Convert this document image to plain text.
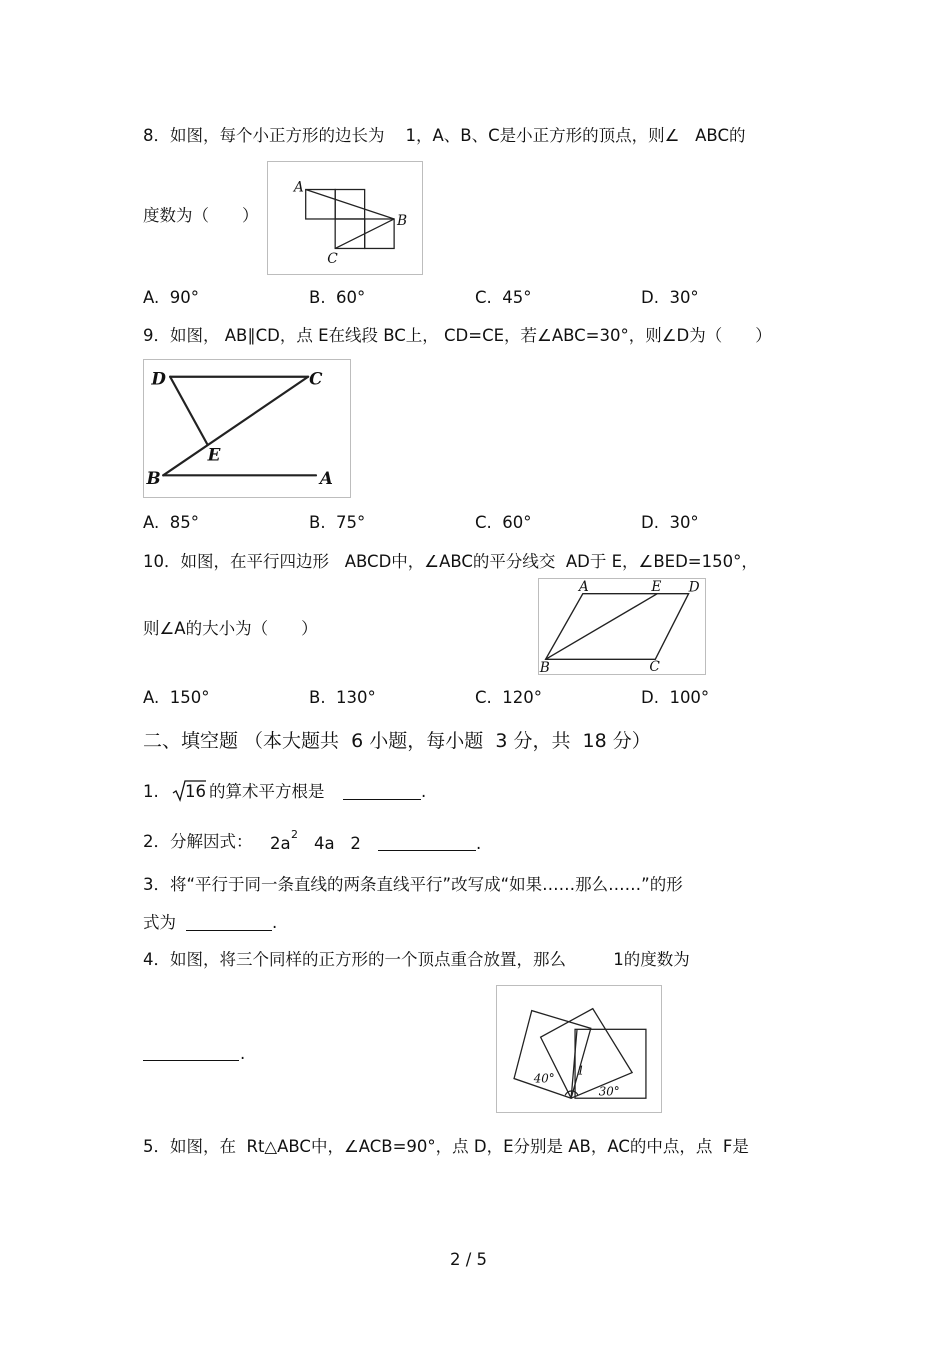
8．如图，每个小正方形的边长为    1，A、B、C是小正方形的顶点，则∠   ABC的
A
B
C
度数为（　　）
A.  90°	B.  60°	C.  45°	D.  30°
9．如图， AB∥CD，点 E在线段 BC上， CD=CE，若∠ABC=30°，则∠D为（　　）
D	C
E
B	A
A.  85°	B.  75°	C.  60°	D.  30°
10．如图，在平行四边形   ABCD中，∠ABC的平分线交  AD于 E，∠BED=150°，
A	E D
B	C
则∠A的大小为（　　）
A.  150°	B.  130°	C.  120°	D.  100°
二、填空题 （本大题共  6 小题，每小题  3 分，共  18 分）
1. 16 的算术平方根是	.
2．分解因式： 2a 2 4a   2	.
3．将“平行于同一条直线的两条直线平行”改写成“如果……那么……”的形
式为	.
4．如图，将三个同样的正方形的一个顶点重合放置，那么         1的度数为
40°
1
30°
.
5．如图，在  Rt△ABC中，∠ACB=90°，点 D，E分别是 AB，AC的中点，点  F是
2 / 5
